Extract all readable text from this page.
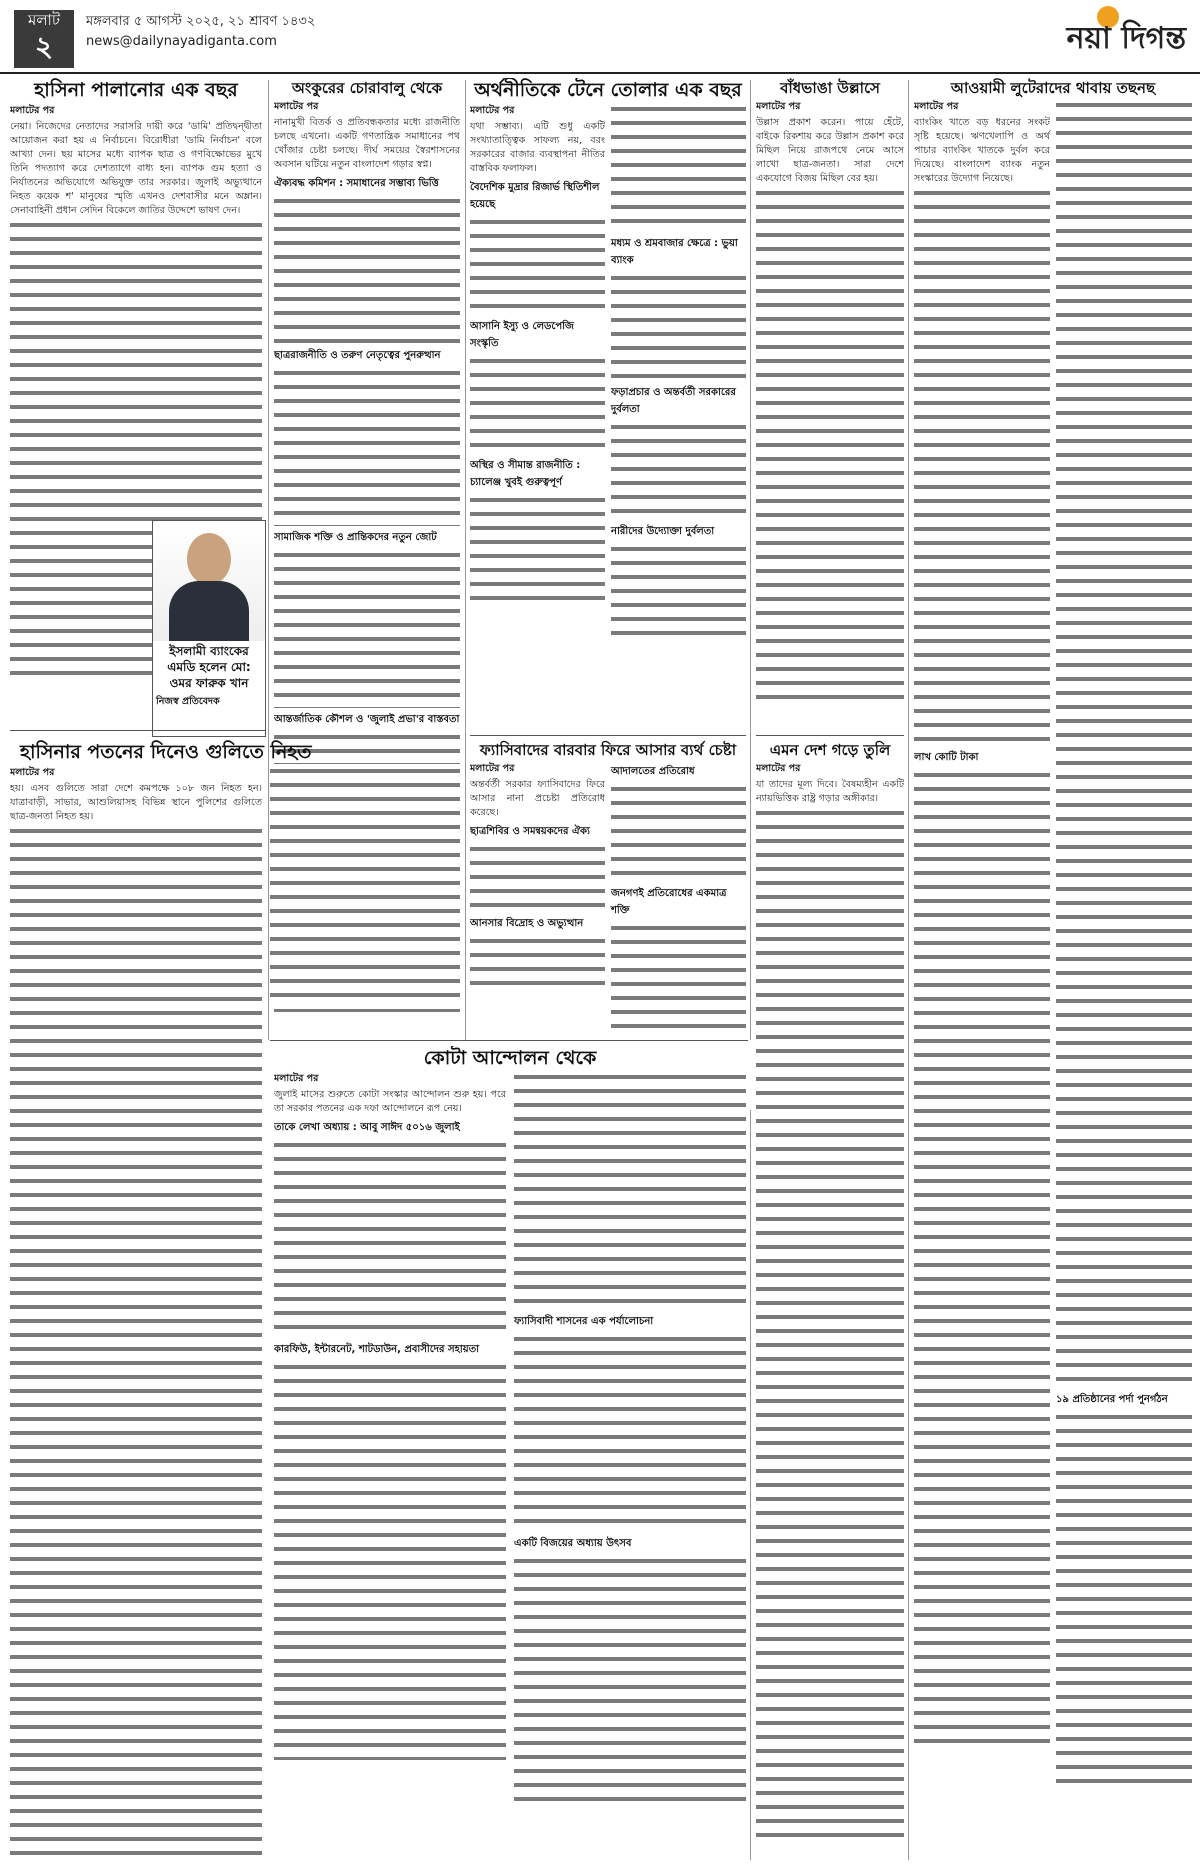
মলাট
২
মঙ্গলবার ৫ আগস্ট ২০২৫, ২১ শ্রাবণ ১৪৩২
news@dailynayadiganta.com	নয়া দিগন্ত
হাসিনা পালানোর এক বছর
মলাটের পর

নেয়া। নিজেদের নেতাদের সরাসরি দায়ী করে 'ডামি' প্রতিদ্বন্দ্বীতা আয়োজন করা হয় এ নির্বাচনে। বিরোধীরা 'ডামি নির্বাচন' বলে আখ্যা দেন। ছয় মাসের মধ্যে ব্যাপক ছাত্র ও গণবিক্ষোভের মুখে তিনি পদত্যাগ করে দেশত্যাগে বাধ্য হন। ব্যাপক গুম হত্যা ও নির্যাতনের অভিযোগে অভিযুক্ত তার সরকার। জুলাই অভ্যুত্থানে নিহত কয়েক শ' মানুষের স্মৃতি এখনও দেশবাসীর মনে অম্লান। সেনাবাহিনী প্রধান সেদিন বিকেলে জাতির উদ্দেশে ভাষণ দেন।

ইসলামী ব্যাংকের এমডি হলেন মো: ওমর ফারুক খান
নিজস্ব প্রতিবেদক
অংকুরের চোরাবালু থেকে
মলাটের পর

নানামুখী বিতর্ক ও প্রতিবন্ধকতার মধ্যে রাজনীতি চলছে এখনো। একটি গণতান্ত্রিক সমাধানের পথ খোঁজার চেষ্টা চলছে। দীর্ঘ সময়ের স্বৈরশাসনের অবসান ঘটিয়ে নতুন বাংলাদেশ গড়ার স্বপ্ন।

ঐক্যবদ্ধ কমিশন : সমাধানের সম্ভাব্য ভিত্তি
ছাত্ররাজনীতি ও তরুণ নেতৃত্বের পুনরুত্থান
সামাজিক শক্তি ও প্রান্তিকদের নতুন জোট
আন্তর্জাতিক কৌশল ও 'জুলাই প্রভা'র বাস্তবতা
অর্থনীতিকে টেনে তোলার এক বছর
মলাটের পর

যথা সম্ভাব্য। এটি শুধু একটি সংখ্যাতাত্ত্বিক সাফল্য নয়, বরং সরকারের বাজার ব্যবস্থাপনা নীতির বাস্তবিক ফলাফল।

বৈদেশিক মুদ্রার রিজার্ভ স্থিতিশীল হয়েছে
আসানি ইস্যু ও লেডপেজি সংস্কৃতি
অস্থির ও সীমান্ত রাজনীতি : চ্যালেঞ্জ খুবই গুরুত্বপূর্ণ
মধ্যম ও শ্রমবাজার ক্ষেত্রে : ভুয়া ব্যাংক
ফড়াপ্রচার ও অন্তর্বর্তী সরকারের দুর্বলতা
নারীদের উদ্যোক্তা দুর্বলতা
ফ্যাসিবাদের বারবার ফিরে আসার ব্যর্থ চেষ্টা
মলাটের পর

অন্তর্বর্তী সরকার ফ্যাসিবাদের ফিরে আসার নানা প্রচেষ্টা প্রতিরোধ করেছে।

ছাত্রশিবির ও সমন্বয়কদের ঐক্য
আনসার বিদ্রোহ ও অভ্যুত্থান
আদালতের প্রতিরোধ
জনগণই প্রতিরোধের একমাত্র শক্তি
বাঁধভাঙা উল্লাসে
মলাটের পর

উল্লাস প্রকাশ করেন। পায়ে হেঁটে, বাইকে রিকশায় করে উল্লাস প্রকাশ করে মিছিল নিয়ে রাজপথে নেমে আসে লাখো ছাত্র-জনতা। সারা দেশে একযোগে বিজয় মিছিল বের হয়।

এমন দেশ গড়ে তুলি
মলাটের পর

যা তাদের মূল্য দিবে। বৈষম্যহীন একটি ন্যায়ভিত্তিক রাষ্ট্র গড়ার অঙ্গীকার।

আওয়ামী লুটেরাদের থাবায় তছনছ
মলাটের পর

ব্যাংকিং খাতে বড় ধরনের সংকট সৃষ্টি হয়েছে। ঋণখেলাপি ও অর্থ পাচার ব্যাংকিং খাতকে দুর্বল করে দিয়েছে। বাংলাদেশ ব্যাংক নতুন সংস্কারের উদ্যোগ নিয়েছে।

লাখ কোটি টাকা
১৯ প্রতিষ্ঠানের পর্দা পুনর্গঠন
হাসিনার পতনের দিনেও গুলিতে নিহত
মলাটের পর

হয়। এসব গুলিতে সারা দেশে কমপক্ষে ১০৮ জন নিহত হন। যাত্রাবাড়ী, সাভার, আশুলিয়াসহ বিভিন্ন স্থানে পুলিশের গুলিতে ছাত্র-জনতা নিহত হয়।

কোটা আন্দোলন থেকে
মলাটের পর

জুলাই মাসের শুরুতে কোটা সংস্কার আন্দোলন শুরু হয়। পরে তা সরকার পতনের এক দফা আন্দোলনে রূপ নেয়।

তাকে লেখা অধ্যায় : আবু সাঈদ ৫০১৬ জুলাই
কারফিউ, ইন্টারনেট, শাটডাউন, প্রবাসীদের সহায়তা
ফ্যাসিবাদী শাসনের এক পর্যালোচনা
একটি বিজয়ের অধ্যায় উৎসব
